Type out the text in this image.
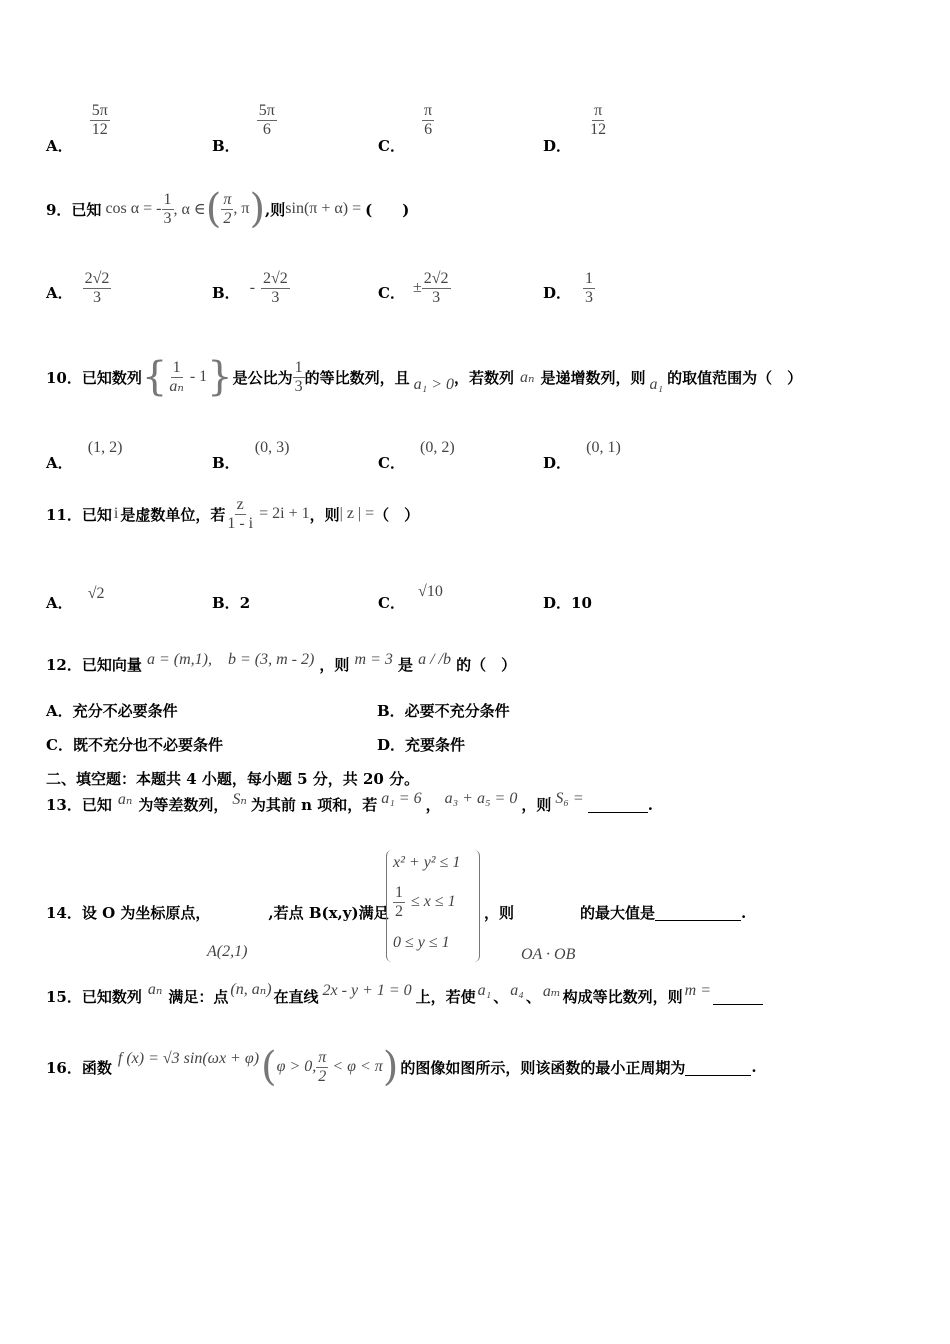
A．
$\frac{5\pi}{12}$
B．
$\frac{5\pi}{6}$
C．
$\frac{\pi}{6}$
D．
$\frac{\pi}{12}$
9．已知 cos α = - $\frac{1}{3}$ , α ∈ ( $\frac{\pi}{2}$ , π ) ,则 sin(π + α) = (　　)
A． $\frac{2√2}{3}$	B． - $\frac{2√2}{3}$	C． ± $\frac{2√2}{3}$	D． $\frac{1}{3}$
10．已知数列 { $\frac{1}{\text{aₙ}} - 1$ } 是公比为 $\frac{1}{3}$ 的等比数列，且 a₁ > 0 ，若数列 aₙ 是递增数列，则 a₁ 的取值范围为（　）
A． (1, 2)
B． (0, 3)
C． (0, 2)
D． (0, 1)
11．已知 i 是虚数单位，若 $\frac{z}{1 - i} = 2i + 1$ ，则 | z | = （　）
A． √2
B．2	C． √10
D．10
12．已知向量 a = (m,1),　b = (3, m - 2) ，则 m = 3 是 a / /b 的（　）
A．充分不必要条件	B．必要不充分条件
C．既不充分也不必要条件	D．充要条件
二、填空题：本题共 4 小题，每小题 5 分，共 20 分。
13．已知 aₙ 为等差数列， Sₙ 为其前 n 项和，若 a₁ = 6 ， a₃ + a₅ = 0 ，则 S₆ =	.
14．设 O 为坐标原点，	,若点 B(x,y)满足
x² + y² ≤ 1
$\frac{1}{2} \le x \le 1$
0 ≤ y ≤ 1
，则	的最大值是	.
A(2,1)	OA · OB
15．已知数列 aₙ 满足：点 (n, aₙ) 在直线 2x - y + 1 = 0 上，若使 a₁ 、 a₄ 、 aₘ 构成等比数列，则 m =
16．函数 f (x) = √3 sin(ωx + φ) ( φ > 0, $\frac{\pi}{2} < \varphi < \pi$ ) 的图像如图所示，则该函数的最小正周期为	.
